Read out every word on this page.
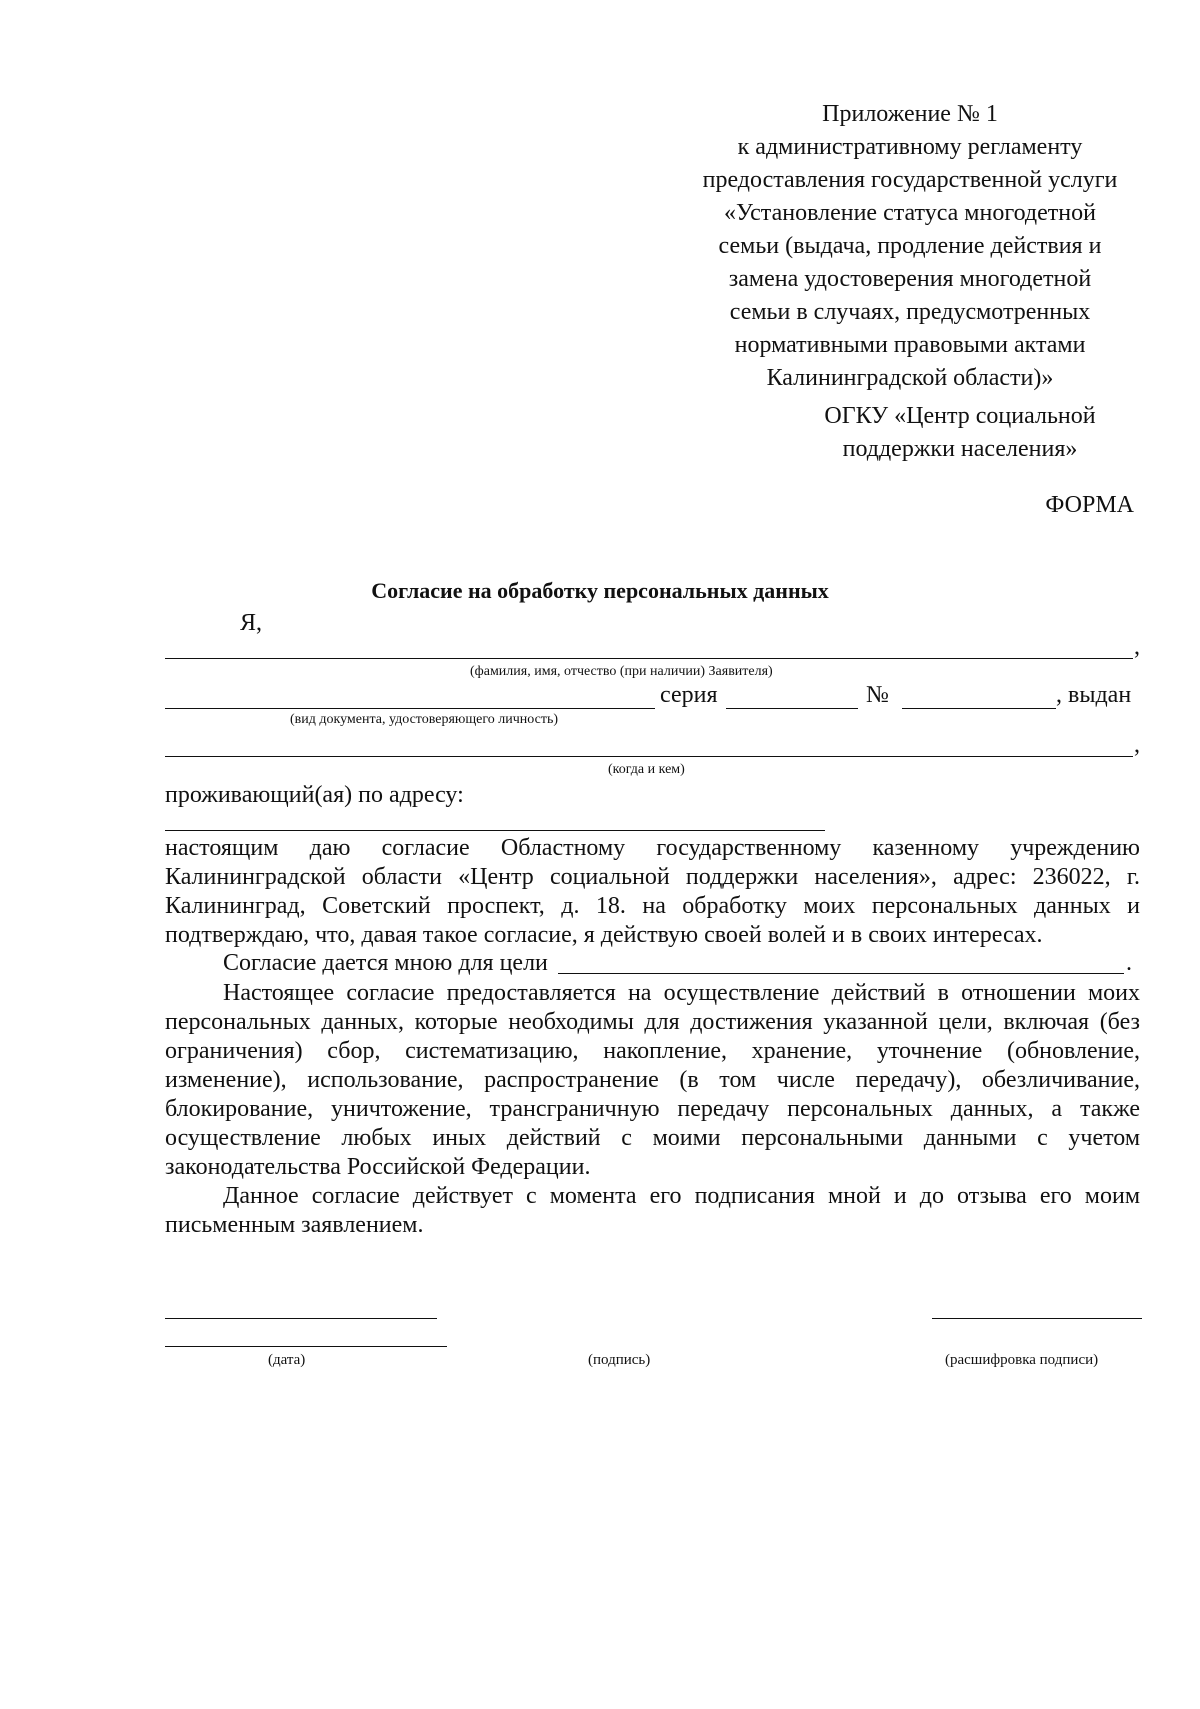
Приложение № 1
к административному регламенту
предоставления государственной услуги
«Установление статуса многодетной
семьи (выдача, продление действия и
замена удостоверения многодетной
семьи в случаях, предусмотренных
нормативными правовыми актами
Калининградской области)»
ОГКУ «Центр социальной
поддержки населения»
ФОРМА
Согласие на обработку персональных данных
Я,
,
(фамилия, имя, отчество (при наличии) Заявителя)
серия	№	, выдан
(вид документа, удостоверяющего личность)
,
(когда и кем)
проживающий(ая) по адресу:

настоящим даю согласие Областному государственному казенному учреждению Калининградской области «Центр социальной поддержки населения», адрес: 236022, г. Калининград, Советский проспект, д. 18. на обработку моих персональных данных и подтверждаю, что, давая такое согласие, я действую своей волей и в своих интересах.

Согласие дается мною для цели	.

Настоящее согласие предоставляется на осуществление действий в отношении моих персональных данных, которые необходимы для достижения указанной цели, включая (без ограничения) сбор, систематизацию, накопление, хранение, уточнение (обновление, изменение), использование, распространение (в том числе передачу), обезличивание, блокирование, уничтожение, трансграничную передачу персональных данных, а также осуществление любых иных действий с моими персональными данными с учетом законодательства Российской Федерации.

Данное согласие действует с момента его подписания мной и до отзыва его моим письменным заявлением.

(дата)	(подпись)	(расшифровка подписи)
